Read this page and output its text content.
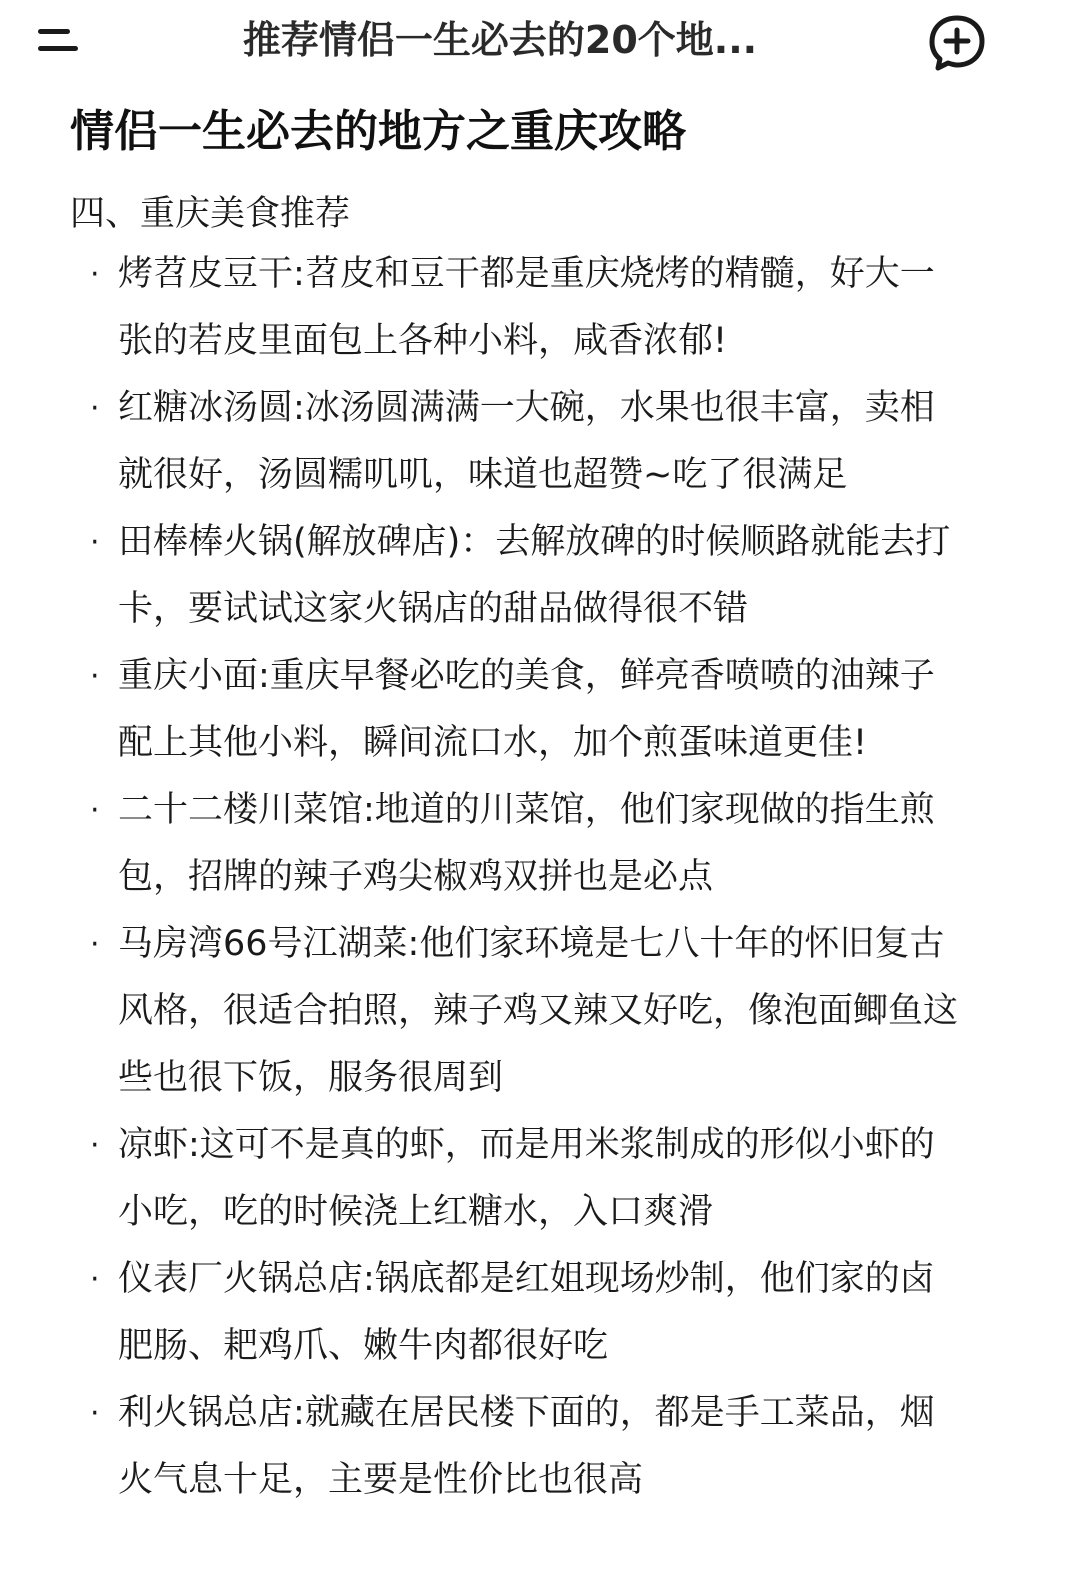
推荐情侣一生必去的20个地...
情侣一生必去的地方之重庆攻略
四、重庆美食推荐
· 烤苕皮豆干:苕皮和豆干都是重庆烧烤的精髓，好大一张的若皮里面包上各种小料，咸香浓郁!
· 红糖冰汤圆:冰汤圆满满一大碗，水果也很丰富，卖相就很好，汤圆糯叽叽，味道也超赞~吃了很满足
· 田棒棒火锅(解放碑店)：去解放碑的时候顺路就能去打卡，要试试这家火锅店的甜品做得很不错
· 重庆小面:重庆早餐必吃的美食，鲜亮香喷喷的油辣子配上其他小料，瞬间流口水，加个煎蛋味道更佳!
· 二十二楼川菜馆:地道的川菜馆，他们家现做的指生煎包，招牌的辣子鸡尖椒鸡双拼也是必点
· 马房湾66号江湖菜:他们家环境是七八十年的怀旧复古风格，很适合拍照，辣子鸡又辣又好吃，像泡面鲫鱼这些也很下饭，服务很周到
· 凉虾:这可不是真的虾，而是用米浆制成的形似小虾的小吃，吃的时候浇上红糖水，入口爽滑
· 仪表厂火锅总店:锅底都是红姐现场炒制，他们家的卤肥肠、耙鸡爪、嫩牛肉都很好吃
· 利火锅总店:就藏在居民楼下面的，都是手工菜品，烟火气息十足，主要是性价比也很高
